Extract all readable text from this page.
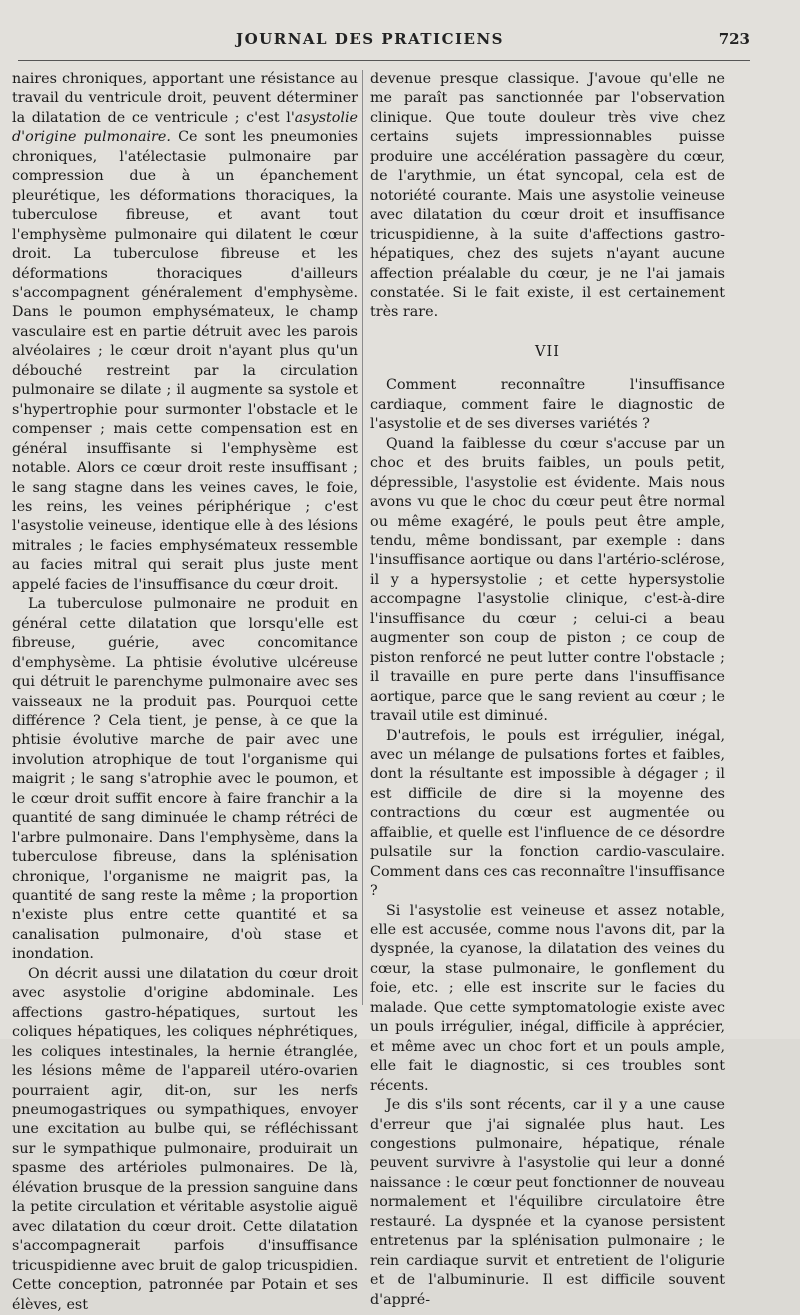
JOURNAL DES PRATICIENS	723

naires chroniques, apportant une résistance au travail du ventricule droit, peuvent déterminer la dilatation de ce ventricule ; c'est l'asystolie d'origine pulmonaire. Ce sont les pneumonies chroniques, l'atélectasie pulmonaire par compression due à un épanchement pleurétique, les déformations thoraciques, la tuberculose fibreuse, et avant tout l'emphysème pulmonaire qui dilatent le cœur droit. La tuberculose fibreuse et les déformations thoraciques d'ailleurs s'accompagnent généralement d'emphysème. Dans le poumon emphysémateux, le champ vasculaire est en partie détruit avec les parois alvéolaires ; le cœur droit n'ayant plus qu'un débouché restreint par la circulation pulmonaire se dilate ; il augmente sa systole et s'hypertrophie pour surmonter l'obstacle et le compenser ; mais cette compensation est en général insuffisante si l'emphysème est notable. Alors ce cœur droit reste insuffisant ; le sang stagne dans les veines caves, le foie, les reins, les veines périphérique ; c'est l'asystolie veineuse, identique elle à des lésions mitrales ; le facies emphysémateux ressemble au facies mitral qui serait plus juste ment appelé facies de l'insuffisance du cœur droit.

La tuberculose pulmonaire ne produit en général cette dilatation que lorsqu'elle est fibreuse, guérie, avec concomitance d'emphysème. La phtisie évolutive ulcéreuse qui détruit le parenchyme pulmonaire avec ses vaisseaux ne la produit pas. Pourquoi cette différence ? Cela tient, je pense, à ce que la phtisie évolutive marche de pair avec une involution atrophique de tout l'organisme qui maigrit ; le sang s'atrophie avec le poumon, et le cœur droit suffit encore à faire franchir a la quantité de sang diminuée le champ rétréci de l'arbre pulmonaire. Dans l'emphysème, dans la tuberculose fibreuse, dans la splénisation chronique, l'organisme ne maigrit pas, la quantité de sang reste la même ; la proportion n'existe plus entre cette quantité et sa canalisation pulmonaire, d'où stase et inondation.

On décrit aussi une dilatation du cœur droit avec asystolie d'origine abdominale. Les affections gastro-hépatiques, surtout les coliques hépatiques, les coliques néphrétiques, les coliques intestinales, la hernie étranglée, les lésions même de l'appareil utéro-ovarien pourraient agir, dit-on, sur les nerfs pneumogastriques ou sympathiques, envoyer une excitation au bulbe qui, se réfléchissant sur le sympathique pulmonaire, produirait un spasme des artérioles pulmonaires. De là, élévation brusque de la pression sanguine dans la petite circulation et véritable asystolie aiguë avec dilatation du cœur droit. Cette dilatation s'accompagnerait parfois d'insuffisance tricuspidienne avec bruit de galop tricuspidien. Cette conception, patronnée par Potain et ses élèves, est

devenue presque classique. J'avoue qu'elle ne me paraît pas sanctionnée par l'observation clinique. Que toute douleur très vive chez certains sujets impressionnables puisse produire une accélération passagère du cœur, de l'arythmie, un état syncopal, cela est de notoriété courante. Mais une asystolie veineuse avec dilatation du cœur droit et insuffisance tricuspidienne, à la suite d'affections gastro-hépatiques, chez des sujets n'ayant aucune affection préalable du cœur, je ne l'ai jamais constatée. Si le fait existe, il est certainement très rare.

VII

Comment reconnaître l'insuffisance cardiaque, comment faire le diagnostic de l'asystolie et de ses diverses variétés ?

Quand la faiblesse du cœur s'accuse par un choc et des bruits faibles, un pouls petit, dépressible, l'asystolie est évidente. Mais nous avons vu que le choc du cœur peut être normal ou même exagéré, le pouls peut être ample, tendu, même bondissant, par exemple : dans l'insuffisance aortique ou dans l'artério-sclérose, il y a hypersystolie ; et cette hypersystolie accompagne l'asystolie clinique, c'est-à-dire l'insuffisance du cœur ; celui-ci a beau augmenter son coup de piston ; ce coup de piston renforcé ne peut lutter contre l'obstacle ; il travaille en pure perte dans l'insuffisance aortique, parce que le sang revient au cœur ; le travail utile est diminué.

D'autrefois, le pouls est irrégulier, inégal, avec un mélange de pulsations fortes et faibles, dont la résultante est impossible à dégager ; il est difficile de dire si la moyenne des contractions du cœur est augmentée ou affaiblie, et quelle est l'influence de ce désordre pulsatile sur la fonction cardio-vasculaire. Comment dans ces cas reconnaître l'insuffisance ?

Si l'asystolie est veineuse et assez notable, elle est accusée, comme nous l'avons dit, par la dyspnée, la cyanose, la dilatation des veines du cœur, la stase pulmonaire, le gonflement du foie, etc. ; elle est inscrite sur le facies du malade. Que cette symptomatologie existe avec un pouls irrégulier, inégal, difficile à apprécier, et même avec un choc fort et un pouls ample, elle fait le diagnostic, si ces troubles sont récents.

Je dis s'ils sont récents, car il y a une cause d'erreur que j'ai signalée plus haut. Les congestions pulmonaire, hépatique, rénale peuvent survivre à l'asystolie qui leur a donné naissance : le cœur peut fonctionner de nouveau normalement et l'équilibre circulatoire être restauré. La dyspnée et la cyanose persistent entretenus par la splénisation pulmonaire ; le rein cardiaque survit et entretient de l'oligurie et de l'albuminurie. Il est difficile souvent d'appré-
